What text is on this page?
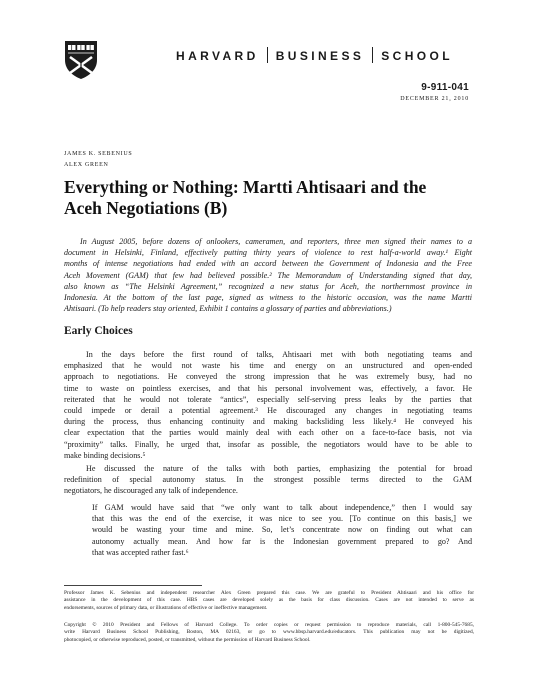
HARVARD BUSINESS SCHOOL
9-911-041
DECEMBER 21, 2010
JAMES K. SEBENIUS
ALEX GREEN
Everything or Nothing: Martti Ahtisaari and the
Aceh Negotiations (B)
In August 2005, before dozens of onlookers, cameramen, and reporters, three men signed their names to a
document in Helsinki, Finland, effectively putting thirty years of violence to rest half-a-world away.¹ Eight
months of intense negotiations had ended with an accord between the Government of Indonesia and the Free
Aceh Movement (GAM) that few had believed possible.² The Memorandum of Understanding signed that day,
also known as “The Helsinki Agreement,” recognized a new status for Aceh, the northernmost province in
Indonesia. At the bottom of the last page, signed as witness to the historic occasion, was the name Martti
Ahtisaari. (To help readers stay oriented, Exhibit 1 contains a glossary of parties and abbreviations.)
Early Choices
In the days before the first round of talks, Ahtisaari met with both negotiating teams and
emphasized that he would not waste his time and energy on an unstructured and open-ended
approach to negotiations. He conveyed the strong impression that he was extremely busy, had no
time to waste on pointless exercises, and that his personal involvement was, effectively, a favor. He
reiterated that he would not tolerate “antics”, especially self-serving press leaks by the parties that
could impede or derail a potential agreement.³ He discouraged any changes in negotiating teams
during the process, thus enhancing continuity and making backsliding less likely.⁴ He conveyed his
clear expectation that the parties would mainly deal with each other on a face-to-face basis, not via
“proximity” talks. Finally, he urged that, insofar as possible, the negotiators would have to be able to
make binding decisions.⁵
He discussed the nature of the talks with both parties, emphasizing the potential for broad
redefinition of special autonomy status. In the strongest possible terms directed to the GAM
negotiators, he discouraged any talk of independence.
If GAM would have said that “we only want to talk about independence,” then I would say
that this was the end of the exercise, it was nice to see you. [To continue on this basis,] we
would be wasting your time and mine. So, let’s concentrate now on finding out what can
autonomy actually mean. And how far is the Indonesian government prepared to go? And
that was accepted rather fast.⁶
Professor James K. Sebenius and independent researcher Alex Green prepared this case. We are grateful to President Ahtisaari and his office for
assistance in the development of this case. HBS cases are developed solely as the basis for class discussion. Cases are not intended to serve as
endorsements, sources of primary data, or illustrations of effective or ineffective management.
Copyright © 2010 President and Fellows of Harvard College. To order copies or request permission to reproduce materials, call 1-800-545-7685,
write Harvard Business School Publishing, Boston, MA 02163, or go to www.hbsp.harvard.edu/educators. This publication may not be digitized,
photocopied, or otherwise reproduced, posted, or transmitted, without the permission of Harvard Business School.
